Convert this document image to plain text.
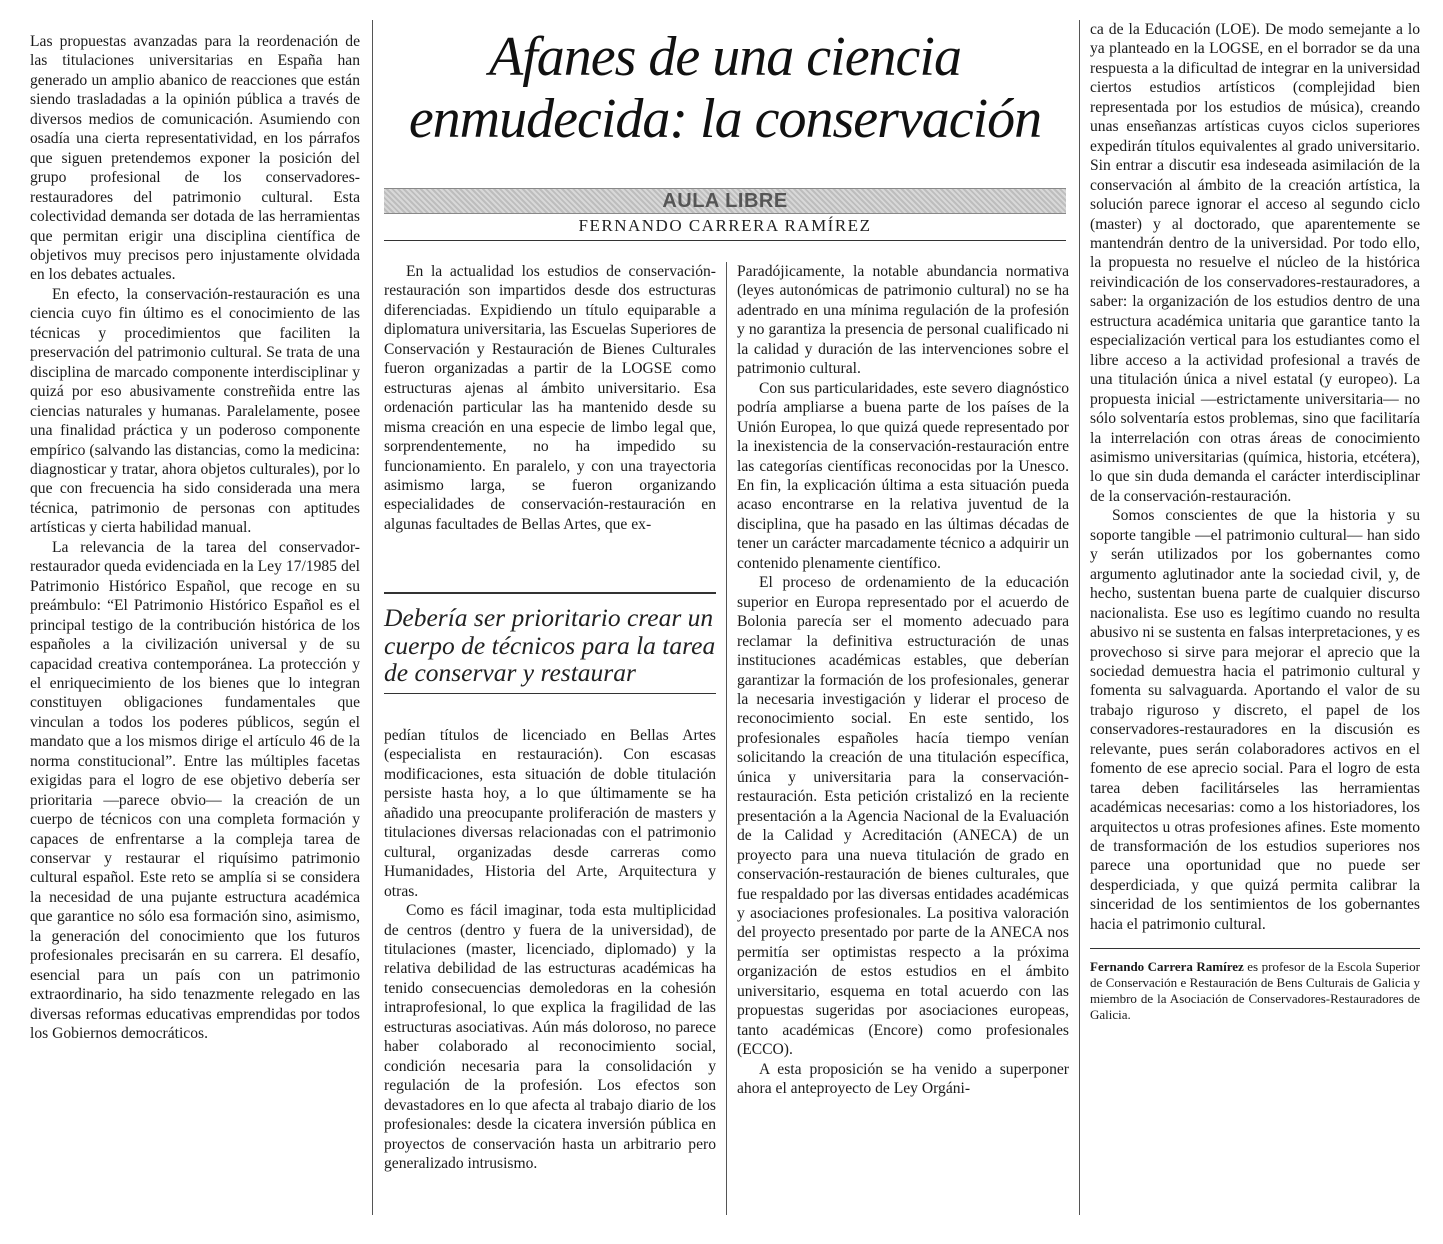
Las propuestas avanzadas para la reordenación de las titulaciones universitarias en España han generado un amplio abanico de reacciones que están siendo trasladadas a la opinión pública a través de diversos medios de comunicación. Asumiendo con osadía una cierta representatividad, en los párrafos que siguen pretendemos exponer la posición del grupo profesional de los conservadores-restauradores del patrimonio cultural. Esta colectividad demanda ser dotada de las herramientas que permitan erigir una disciplina científica de objetivos muy precisos pero injustamente olvidada en los debates actuales.

En efecto, la conservación-restauración es una ciencia cuyo fin último es el conocimiento de las técnicas y procedimientos que faciliten la preservación del patrimonio cultural. Se trata de una disciplina de marcado componente interdisciplinar y quizá por eso abusivamente constreñida entre las ciencias naturales y humanas. Paralelamente, posee una finalidad práctica y un poderoso componente empírico (salvando las distancias, como la medicina: diagnosticar y tratar, ahora objetos culturales), por lo que con frecuencia ha sido considerada una mera técnica, patrimonio de personas con aptitudes artísticas y cierta habilidad manual.

La relevancia de la tarea del conservador-restaurador queda evidenciada en la Ley 17/1985 del Patrimonio Histórico Español, que recoge en su preámbulo: “El Patrimonio Histórico Español es el principal testigo de la contribución histórica de los españoles a la civilización universal y de su capacidad creativa contemporánea. La protección y el enriquecimiento de los bienes que lo integran constituyen obligaciones fundamentales que vinculan a todos los poderes públicos, según el mandato que a los mismos dirige el artículo 46 de la norma constitucional”. Entre las múltiples facetas exigidas para el logro de ese objetivo debería ser prioritaria —parece obvio— la creación de un cuerpo de técnicos con una completa formación y capaces de enfrentarse a la compleja tarea de conservar y restaurar el riquísimo patrimonio cultural español. Este reto se amplía si se considera la necesidad de una pujante estructura académica que garantice no sólo esa formación sino, asimismo, la generación del conocimiento que los futuros profesionales precisarán en su carrera. El desafío, esencial para un país con un patrimonio extraordinario, ha sido tenazmente relegado en las diversas reformas educativas emprendidas por todos los Gobiernos democráticos.

Afanes de una ciencia enmudecida: la conservación
AULA LIBRE
FERNANDO CARRERA RAMÍREZ

En la actualidad los estudios de conservación-restauración son impartidos desde dos estructuras diferenciadas. Expidiendo un título equiparable a diplomatura universitaria, las Escuelas Superiores de Conservación y Restauración de Bienes Culturales fueron organizadas a partir de la LOGSE como estructuras ajenas al ámbito universitario. Esa ordenación particular las ha mantenido desde su misma creación en una especie de limbo legal que, sorprendentemente, no ha impedido su funcionamiento. En paralelo, y con una trayectoria asimismo larga, se fueron organizando especialidades de conservación-restauración en algunas facultades de Bellas Artes, que ex-

Debería ser prioritario crear un cuerpo de técnicos para la tarea de conservar y restaurar

pedían títulos de licenciado en Bellas Artes (especialista en restauración). Con escasas modificaciones, esta situación de doble titulación persiste hasta hoy, a lo que últimamente se ha añadido una preocupante proliferación de masters y titulaciones diversas relacionadas con el patrimonio cultural, organizadas desde carreras como Humanidades, Historia del Arte, Arquitectura y otras.

Como es fácil imaginar, toda esta multiplicidad de centros (dentro y fuera de la universidad), de titulaciones (master, licenciado, diplomado) y la relativa debilidad de las estructuras académicas ha tenido consecuencias demoledoras en la cohesión intraprofesional, lo que explica la fragilidad de las estructuras asociativas. Aún más doloroso, no parece haber colaborado al reconocimiento social, condición necesaria para la consolidación y regulación de la profesión. Los efectos son devastadores en lo que afecta al trabajo diario de los profesionales: desde la cicatera inversión pública en proyectos de conservación hasta un arbitrario pero generalizado intrusismo.

Paradójicamente, la notable abundancia normativa (leyes autonómicas de patrimonio cultural) no se ha adentrado en una mínima regulación de la profesión y no garantiza la presencia de personal cualificado ni la calidad y duración de las intervenciones sobre el patrimonio cultural.

Con sus particularidades, este severo diagnóstico podría ampliarse a buena parte de los países de la Unión Europea, lo que quizá quede representado por la inexistencia de la conservación-restauración entre las categorías científicas reconocidas por la Unesco. En fin, la explicación última a esta situación pueda acaso encontrarse en la relativa juventud de la disciplina, que ha pasado en las últimas décadas de tener un carácter marcadamente técnico a adquirir un contenido plenamente científico.

El proceso de ordenamiento de la educación superior en Europa representado por el acuerdo de Bolonia parecía ser el momento adecuado para reclamar la definitiva estructuración de unas instituciones académicas estables, que deberían garantizar la formación de los profesionales, generar la necesaria investigación y liderar el proceso de reconocimiento social. En este sentido, los profesionales españoles hacía tiempo venían solicitando la creación de una titulación específica, única y universitaria para la conservación-restauración. Esta petición cristalizó en la reciente presentación a la Agencia Nacional de la Evaluación de la Calidad y Acreditación (ANECA) de un proyecto para una nueva titulación de grado en conservación-restauración de bienes culturales, que fue respaldado por las diversas entidades académicas y asociaciones profesionales. La positiva valoración del proyecto presentado por parte de la ANECA nos permitía ser optimistas respecto a la próxima organización de estos estudios en el ámbito universitario, esquema en total acuerdo con las propuestas sugeridas por asociaciones europeas, tanto académicas (Encore) como profesionales (ECCO).

A esta proposición se ha venido a superponer ahora el anteproyecto de Ley Orgáni-

ca de la Educación (LOE). De modo semejante a lo ya planteado en la LOGSE, en el borrador se da una respuesta a la dificultad de integrar en la universidad ciertos estudios artísticos (complejidad bien representada por los estudios de música), creando unas enseñanzas artísticas cuyos ciclos superiores expedirán títulos equivalentes al grado universitario. Sin entrar a discutir esa indeseada asimilación de la conservación al ámbito de la creación artística, la solución parece ignorar el acceso al segundo ciclo (master) y al doctorado, que aparentemente se mantendrán dentro de la universidad. Por todo ello, la propuesta no resuelve el núcleo de la histórica reivindicación de los conservadores-restauradores, a saber: la organización de los estudios dentro de una estructura académica unitaria que garantice tanto la especialización vertical para los estudiantes como el libre acceso a la actividad profesional a través de una titulación única a nivel estatal (y europeo). La propuesta inicial —estrictamente universitaria— no sólo solventaría estos problemas, sino que facilitaría la interrelación con otras áreas de conocimiento asimismo universitarias (química, historia, etcétera), lo que sin duda demanda el carácter interdisciplinar de la conservación-restauración.

Somos conscientes de que la historia y su soporte tangible —el patrimonio cultural— han sido y serán utilizados por los gobernantes como argumento aglutinador ante la sociedad civil, y, de hecho, sustentan buena parte de cualquier discurso nacionalista. Ese uso es legítimo cuando no resulta abusivo ni se sustenta en falsas interpretaciones, y es provechoso si sirve para mejorar el aprecio que la sociedad demuestra hacia el patrimonio cultural y fomenta su salvaguarda. Aportando el valor de su trabajo riguroso y discreto, el papel de los conservadores-restauradores en la discusión es relevante, pues serán colaboradores activos en el fomento de ese aprecio social. Para el logro de esta tarea deben facilitárseles las herramientas académicas necesarias: como a los historiadores, los arquitectos u otras profesiones afines. Este momento de transformación de los estudios superiores nos parece una oportunidad que no puede ser desperdiciada, y que quizá permita calibrar la sinceridad de los sentimientos de los gobernantes hacia el patrimonio cultural.

Fernando Carrera Ramírez es profesor de la Escola Superior de Conservación e Restauración de Bens Culturais de Galicia y miembro de la Asociación de Conservadores-Restauradores de Galicia.
